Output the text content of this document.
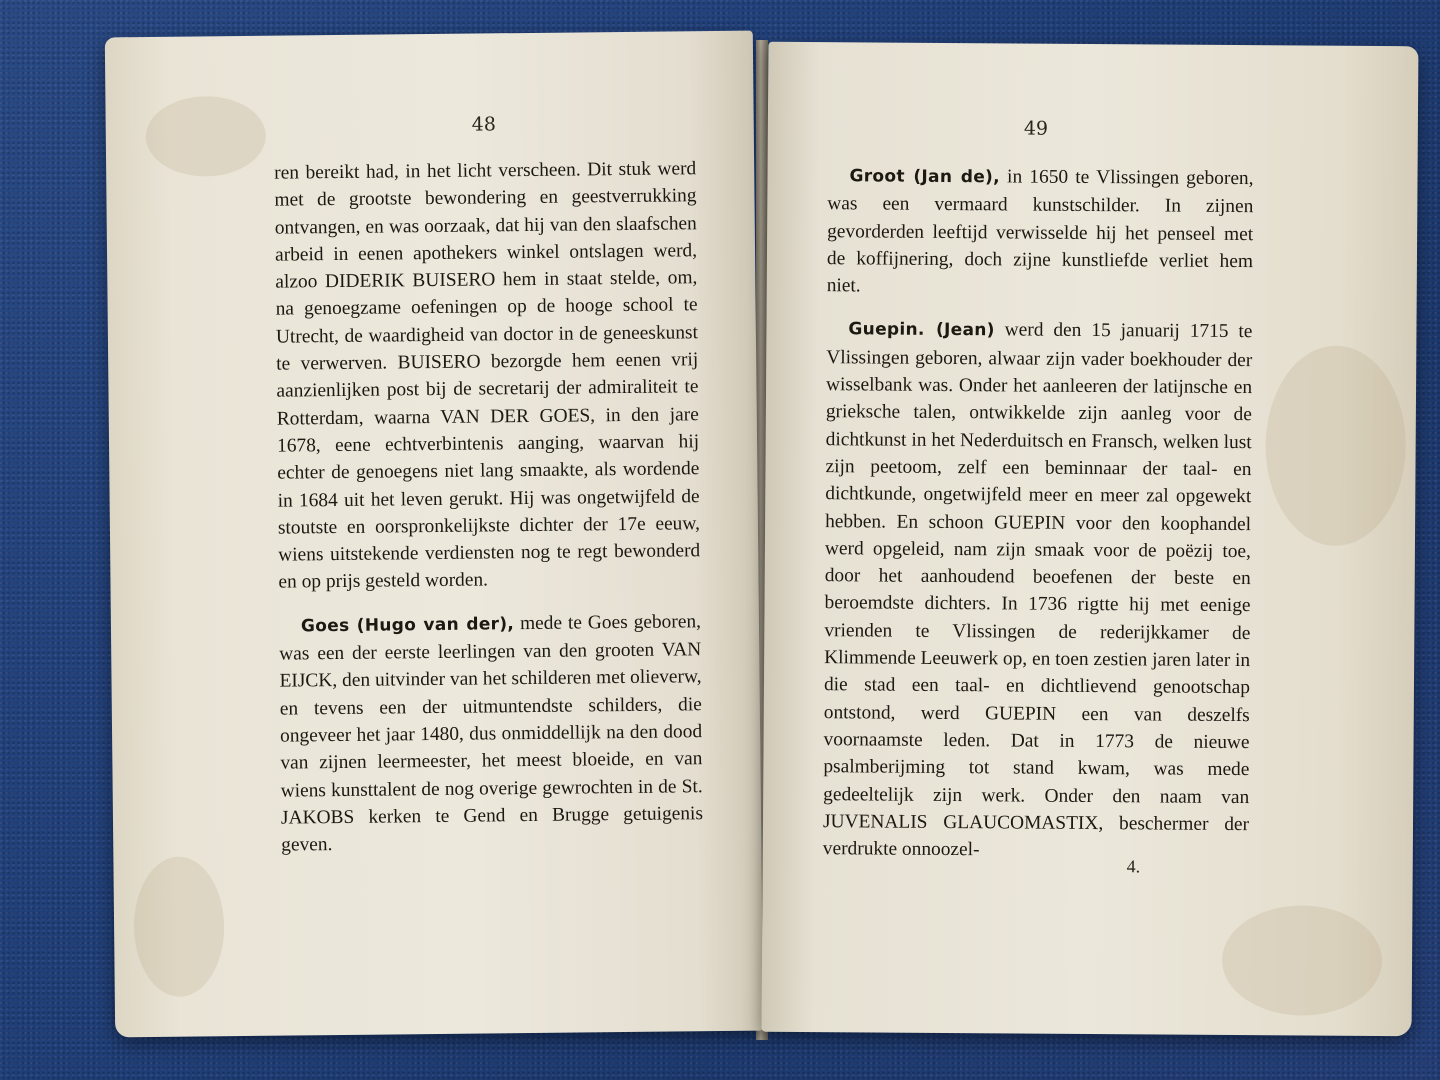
48

ren bereikt had, in het licht verscheen. Dit stuk werd met de grootste bewondering en geestverrukking ontvangen, en was oorzaak, dat hij van den slaafschen arbeid in eenen apothekers winkel ontslagen werd, alzoo DIDERIK BUISERO hem in staat stelde, om, na genoegzame oefeningen op de hooge school te Utrecht, de waardigheid van doctor in de geneeskunst te verwerven. BUISERO bezorgde hem eenen vrij aanzienlijken post bij de secretarij der admiraliteit te Rotterdam, waarna VAN DER GOES, in den jare 1678, eene echtverbintenis aanging, waarvan hij echter de genoegens niet lang smaakte, als wordende in 1684 uit het leven gerukt. Hij was ongetwijfeld de stoutste en oorspronkelijkste dichter der 17e eeuw, wiens uitstekende verdiensten nog te regt bewonderd en op prijs gesteld worden.

Goes (Hugo van der), mede te Goes geboren, was een der eerste leerlingen van den grooten VAN EIJCK, den uitvinder van het schilderen met olieverw, en tevens een der uitmuntendste schilders, die ongeveer het jaar 1480, dus onmiddellijk na den dood van zijnen leermeester, het meest bloeide, en van wiens kunsttalent de nog overige gewrochten in de St. JAKOBS kerken te Gend en Brugge getuigenis geven.

49

Groot (Jan de), in 1650 te Vlissingen geboren, was een vermaard kunstschilder. In zijnen gevorderden leeftijd verwisselde hij het penseel met de koffijnering, doch zijne kunstliefde verliet hem niet.

Guepin. (Jean) werd den 15 januarij 1715 te Vlissingen geboren, alwaar zijn vader boekhouder der wisselbank was. Onder het aanleeren der latijnsche en grieksche talen, ontwikkelde zijn aanleg voor de dichtkunst in het Nederduitsch en Fransch, welken lust zijn peetoom, zelf een beminnaar der taal- en dichtkunde, ongetwijfeld meer en meer zal opgewekt hebben. En schoon GUEPIN voor den koophandel werd opgeleid, nam zijn smaak voor de poëzij toe, door het aanhoudend beoefenen der beste en beroemdste dichters. In 1736 rigtte hij met eenige vrienden te Vlissingen de rederijkkamer de Klimmende Leeuwerk op, en toen zestien jaren later in die stad een taal- en dichtlievend genootschap ontstond, werd GUEPIN een van deszelfs voornaamste leden. Dat in 1773 de nieuwe psalmberijming tot stand kwam, was mede gedeeltelijk zijn werk. Onder den naam van JUVENALIS GLAUCOMASTIX, beschermer der verdrukte onnoozel-

4.
